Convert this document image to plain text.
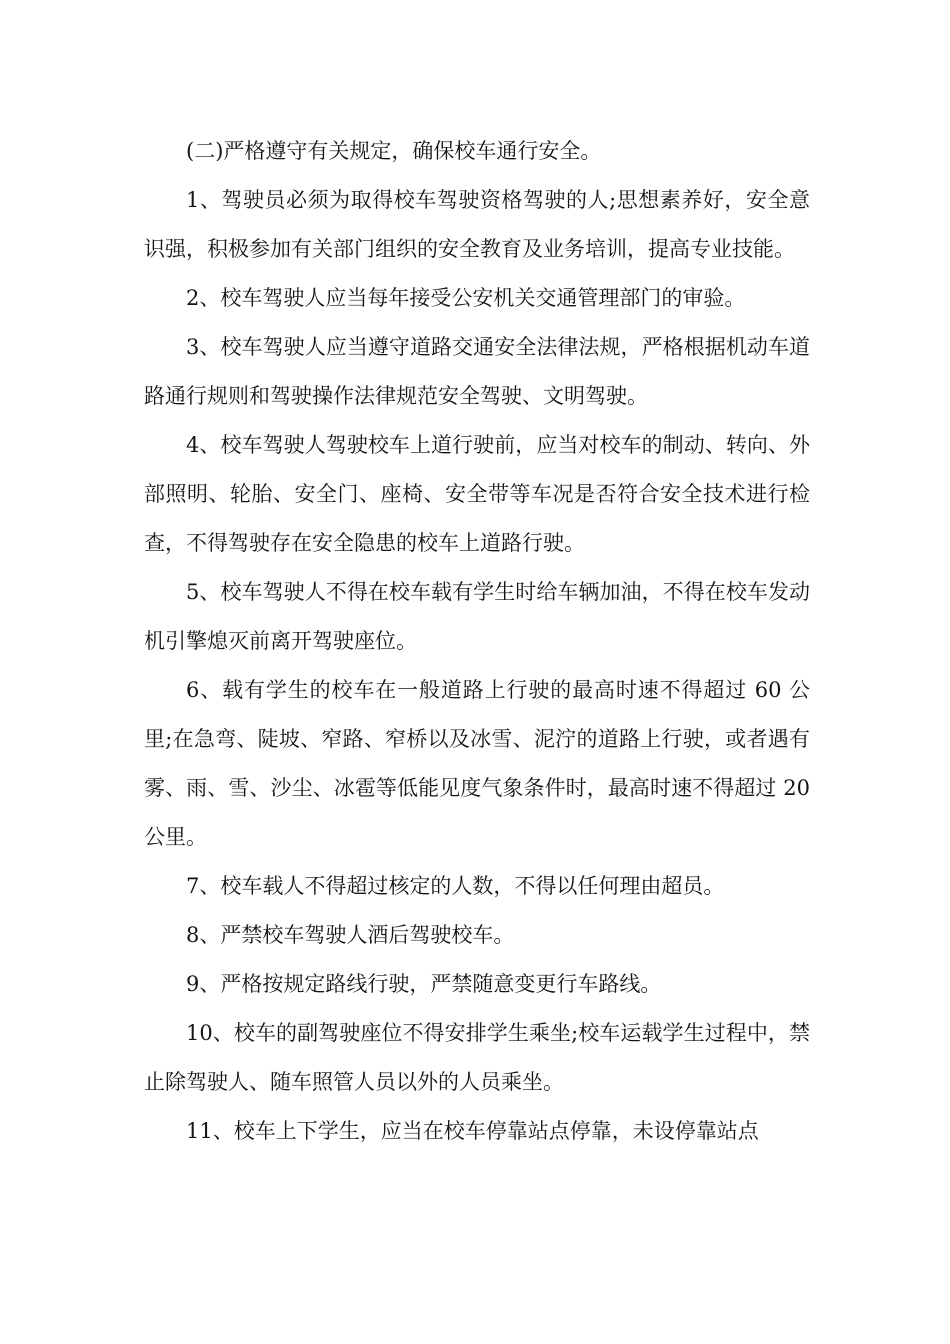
(二)严格遵守有关规定，确保校车通行安全。

1、驾驶员必须为取得校车驾驶资格驾驶的人;思想素养好，安全意识强，积极参加有关部门组织的安全教育及业务培训，提高专业技能。

2、校车驾驶人应当每年接受公安机关交通管理部门的审验。

3、校车驾驶人应当遵守道路交通安全法律法规，严格根据机动车道路通行规则和驾驶操作法律规范安全驾驶、文明驾驶。

4、校车驾驶人驾驶校车上道行驶前，应当对校车的制动、转向、外部照明、轮胎、安全门、座椅、安全带等车况是否符合安全技术进行检查，不得驾驶存在安全隐患的校车上道路行驶。

5、校车驾驶人不得在校车载有学生时给车辆加油，不得在校车发动机引擎熄灭前离开驾驶座位。

6、载有学生的校车在一般道路上行驶的最高时速不得超过 60 公里;在急弯、陡坡、窄路、窄桥以及冰雪、泥泞的道路上行驶，或者遇有雾、雨、雪、沙尘、冰雹等低能见度气象条件时，最高时速不得超过 20 公里。

7、校车载人不得超过核定的人数，不得以任何理由超员。

8、严禁校车驾驶人酒后驾驶校车。

9、严格按规定路线行驶，严禁随意变更行车路线。

10、校车的副驾驶座位不得安排学生乘坐;校车运载学生过程中，禁止除驾驶人、随车照管人员以外的人员乘坐。

11、校车上下学生，应当在校车停靠站点停靠，未设停靠站点
